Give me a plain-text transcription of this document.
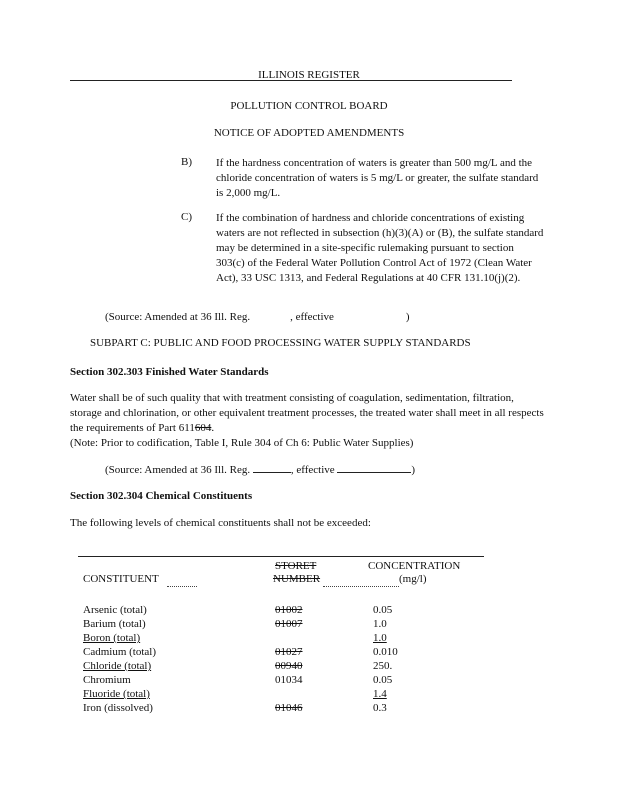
ILLINOIS REGISTER
POLLUTION CONTROL BOARD
NOTICE OF ADOPTED AMENDMENTS
B) If the hardness concentration of waters is greater than 500 mg/L and the chloride concentration of waters is 5 mg/L or greater, the sulfate standard is 2,000 mg/L.
C) If the combination of hardness and chloride concentrations of existing waters are not reflected in subsection (h)(3)(A) or (B), the sulfate standard may be determined in a site-specific rulemaking pursuant to section 303(c) of the Federal Water Pollution Control Act of 1972 (Clean Water Act), 33 USC 1313, and Federal Regulations at 40 CFR 131.10(j)(2).
(Source: Amended at 36 Ill. Reg.	, effective	)
SUBPART C: PUBLIC AND FOOD PROCESSING WATER SUPPLY STANDARDS
Section 302.303 Finished Water Standards
Water shall be of such quality that with treatment consisting of coagulation, sedimentation, filtration, storage and chlorination, or other equivalent treatment processes, the treated water shall meet in all respects the requirements of Part 611604.
(Note: Prior to codification, Table I, Rule 304 of Ch 6: Public Water Supplies)
(Source: Amended at 36 Ill. Reg.	, effective	)
Section 302.304 Chemical Constituents
The following levels of chemical constituents shall not be exceeded:
CONSTITUENT
STORET
NUMBER
CONCENTRATION
(mg/l)
Arsenic (total)	01002	0.05
Barium (total)	01007	1.0
Boron (total)		1.0
Cadmium (total)	01027	0.010
Chloride (total)	00940	250.
Chromium	01034	0.05
Fluoride (total)		1.4
Iron (dissolved)	01046	0.3
